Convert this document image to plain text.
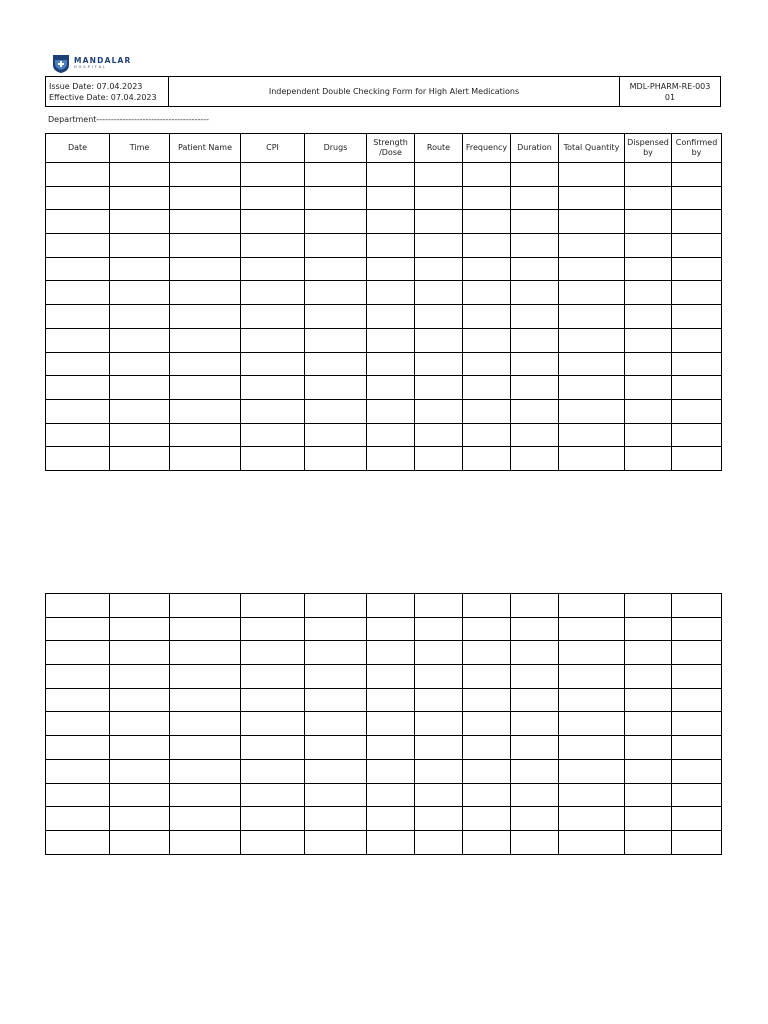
MANDALAR
HOSPITAL
Issue Date: 07.04.2023
Effective Date: 07.04.2023
	Independent Double Checking Form for High Alert Medications	
MDL-PHARM-RE-003
01
Department---------------------------------------
Date	Time	Patient Name	CPI	Drugs	Strength /Dose	Route	Frequency	Duration	Total Quantity	Dispensed by	Confirmed by
